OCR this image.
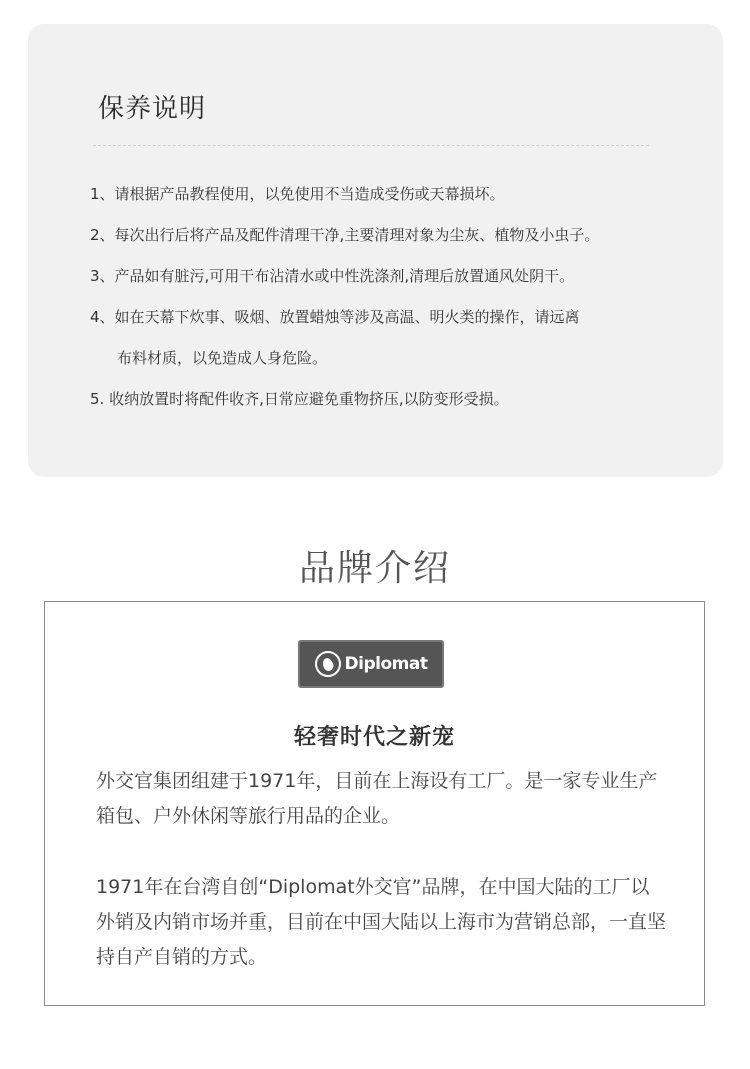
保养说明
1、请根据产品教程使用，以免使用不当造成受伤或天幕损坏。
2、每次出行后将产品及配件清理干净,主要清理对象为尘灰、植物及小虫子。
3、产品如有脏污,可用干布沾清水或中性洗涤剂,清理后放置通风处阴干。
4、如在天幕下炊事、吸烟、放置蜡烛等涉及高温、明火类的操作，请远离
布料材质，以免造成人身危险。
5. 收纳放置时将配件收齐,日常应避免重物挤压,以防变形受损。
品牌介绍
Diplomat
轻奢时代之新宠

外交官集团组建于1971年，目前在上海设有工厂。是一家专业生产箱包、户外休闲等旅行用品的企业。

1971年在台湾自创“Diplomat外交官”品牌，在中国大陆的工厂以外销及内销市场并重，目前在中国大陆以上海市为营销总部，一直坚持自产自销的方式。
